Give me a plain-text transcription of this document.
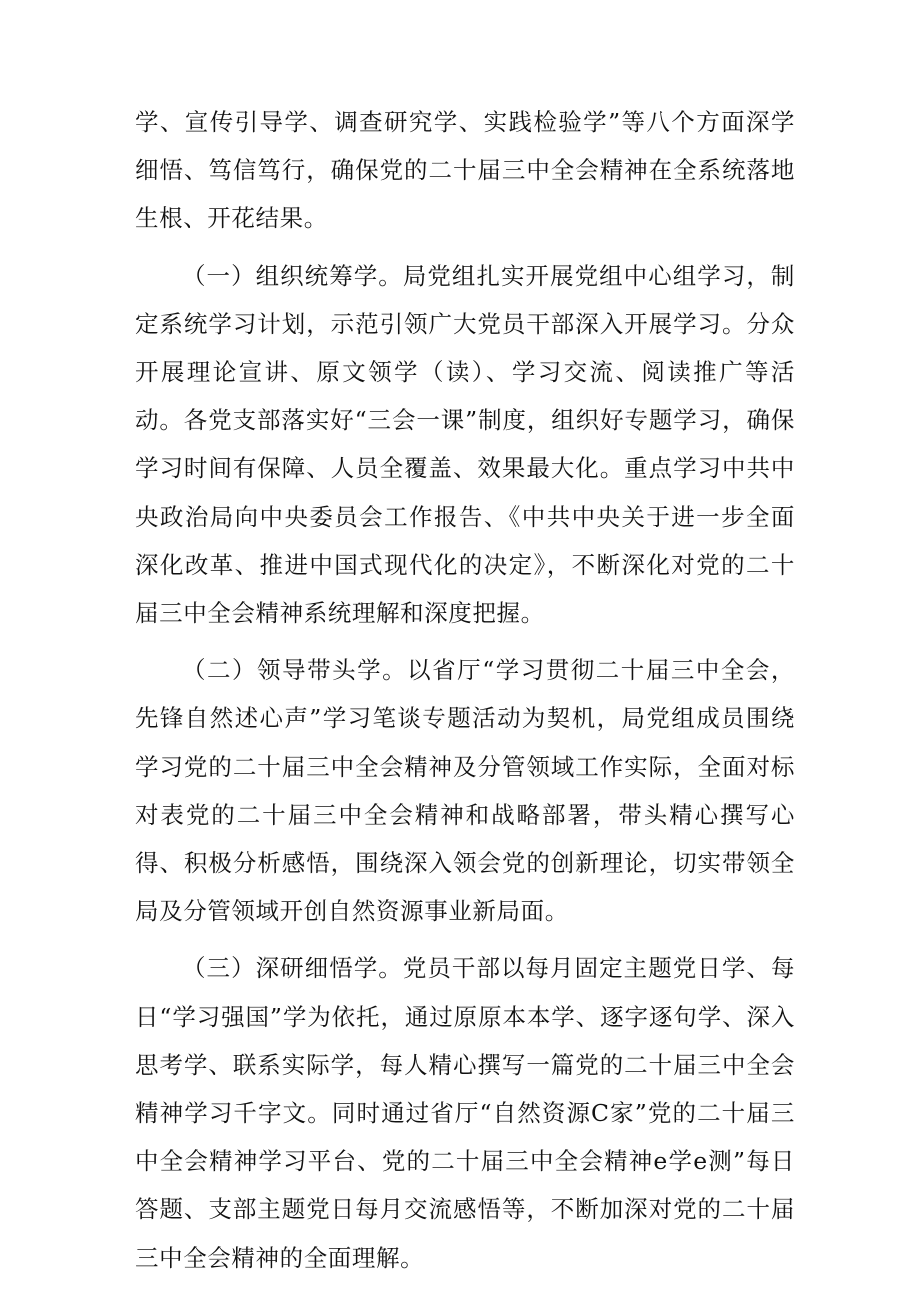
学、宣传引导学、调查研究学、实践检验学”等八个方面深学细悟、笃信笃行，确保党的二十届三中全会精神在全系统落地生根、开花结果。

（一）组织统筹学。局党组扎实开展党组中心组学习，制定系统学习计划，示范引领广大党员干部深入开展学习。分众开展理论宣讲、原文领学（读）、学习交流、阅读推广等活动。各党支部落实好“三会一课”制度，组织好专题学习，确保学习时间有保障、人员全覆盖、效果最大化。重点学习中共中央政治局向中央委员会工作报告、《中共中央关于进一步全面深化改革、推进中国式现代化的决定》，不断深化对党的二十届三中全会精神系统理解和深度把握。

（二）领导带头学。以省厅“学习贯彻二十届三中全会，先锋自然述心声”学习笔谈专题活动为契机，局党组成员围绕学习党的二十届三中全会精神及分管领域工作实际，全面对标对表党的二十届三中全会精神和战略部署，带头精心撰写心得、积极分析感悟，围绕深入领会党的创新理论，切实带领全局及分管领域开创自然资源事业新局面。

（三）深研细悟学。党员干部以每月固定主题党日学、每日“学习强国”学为依托，通过原原本本学、逐字逐句学、深入思考学、联系实际学，每人精心撰写一篇党的二十届三中全会精神学习千字文。同时通过省厅“自然资源C家”党的二十届三中全会精神学习平台、党的二十届三中全会精神e学e测”每日答题、支部主题党日每月交流感悟等，不断加深对党的二十届三中全会精神的全面理解。
